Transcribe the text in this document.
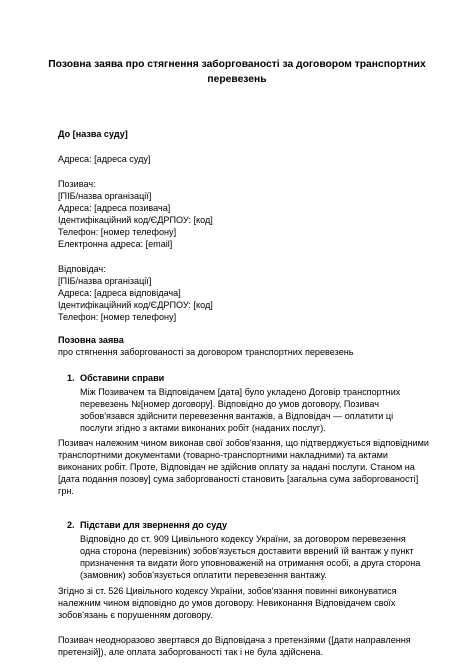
Позовна заява про стягнення заборгованості за договором транспортних
перевезень
До [назва суду]
Адреса: [адреса суду]
Позивач:
[ПІБ/назва організації]
Адреса: [адреса позивача]
Ідентифікаційний код/ЄДРПОУ: [код]
Телефон: [номер телефону]
Електронна адреса: [email]
Відповідач:
[ПІБ/назва організації]
Адреса: [адреса відповідача]
Ідентифікаційний код/ЄДРПОУ: [код]
Телефон: [номер телефону]
Позовна заява
про стягнення заборгованості за договором транспортних перевезень
1. Обставини справи
Між Позивачем та Відповідачем [дата] було укладено Договір транспортних
перевезень №[номер договору]. Відповідно до умов договору, Позивач
зобов'язався здійснити перевезення вантажів, а Відповідач — оплатити ці
послуги згідно з актами виконаних робіт (наданих послуг).
Позивач належним чином виконав свої зобов'язання, що підтверджується відповідними
транспортними документами (товарно-транспортними накладними) та актами
виконаних робіт. Проте, Відповідач не здійснив оплату за надані послуги. Станом на
[дата подання позову] сума заборгованості становить [загальна сума заборгованості]
грн.
2. Підстави для звернення до суду
Відповідно до ст. 909 Цивільного кодексу України, за договором перевезення
одна сторона (перевізник) зобов'язується доставити вврений їй вантаж у пункт
призначення та видати його уповноваженій на отримання особі, а друга сторона
(замовник) зобов'язується оплатити перевезення вантажу.
Згідно зі ст. 526 Цивільного кодексу України, зобов'язання повинні виконуватися
належним чином відповідно до умов договору. Невиконання Відповідачем своїх
зобов'язань є порушенням договору.
Позивач неодноразово звертався до Відповідача з претензіями ([дати направлення
претензій]), але оплата заборгованості так і не була здійснена.
